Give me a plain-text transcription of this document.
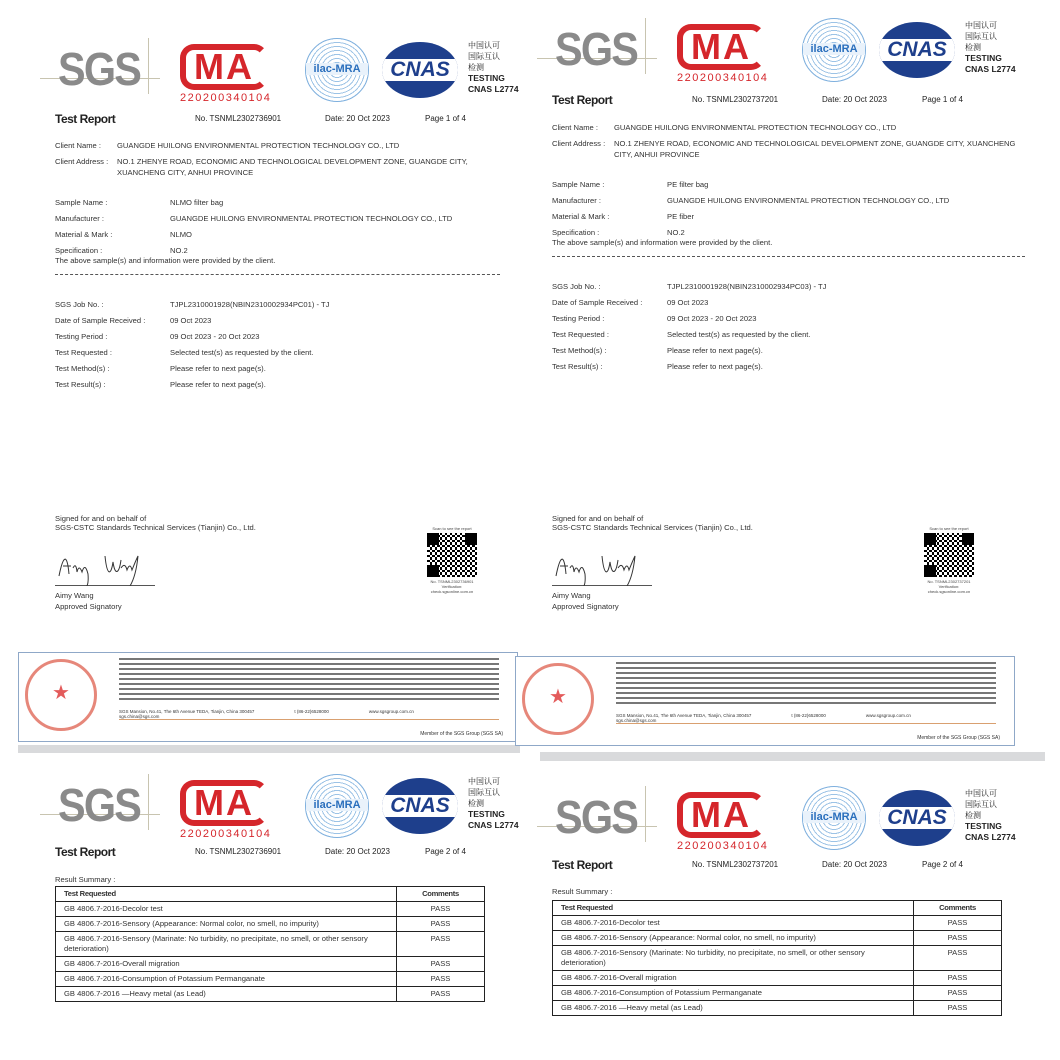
SGS	MA
220200340104
ilac-MRA	CNAS
中国认可
国际互认
检测
TESTING
CNAS L2774
Test Report	No. TSNML2302736901	Date: 20 Oct 2023	Page 1 of 4
Client Name :	GUANGDE HUILONG ENVIRONMENTAL PROTECTION TECHNOLOGY CO., LTD
Client Address :	NO.1 ZHENYE ROAD, ECONOMIC AND TECHNOLOGICAL DEVELOPMENT ZONE, GUANGDE CITY, XUANCHENG CITY, ANHUI PROVINCE
Sample Name :	NLMO filter bag
Manufacturer :	GUANGDE HUILONG ENVIRONMENTAL PROTECTION TECHNOLOGY CO., LTD
Material & Mark :	NLMO
Specification :	NO.2
The above sample(s) and information were provided by the client.
SGS Job No. :	TJPL2310001928(NBIN2310002934PC01) - TJ
Date of Sample Received :	09 Oct 2023
Testing Period :	09 Oct 2023 - 20 Oct 2023
Test Requested :	Selected test(s) as requested by the client.
Test Method(s) :	Please refer to next page(s).
Test Result(s) :	Please refer to next page(s).
Signed for and on behalf of
SGS-CSTC Standards Technical Services (Tianjin) Co., Ltd.
Aimy Wang
Approved Signatory
Scan to see the report
No. TSNML2302736901
Verification: check.sgsonline.com.cn
★
SGS Mansion, No.41, The 6th Avenue TEDA, Tianjin, China 300457	t (86-22)6528000	www.sgsgroup.com.cn
sgs.china@sgs.com
Member of the SGS Group (SGS SA)
SGS	MA
220200340104
ilac-MRA	CNAS
中国认可
国际互认
检测
TESTING
CNAS L2774
Test Report	No. TSNML2302737201	Date: 20 Oct 2023	Page 1 of 4
Client Name :	GUANGDE HUILONG ENVIRONMENTAL PROTECTION TECHNOLOGY CO., LTD
Client Address :	NO.1 ZHENYE ROAD, ECONOMIC AND TECHNOLOGICAL DEVELOPMENT ZONE, GUANGDE CITY, XUANCHENG CITY, ANHUI PROVINCE
Sample Name :	PE filter bag
Manufacturer :	GUANGDE HUILONG ENVIRONMENTAL PROTECTION TECHNOLOGY CO., LTD
Material & Mark :	PE fiber
Specification :	NO.2
The above sample(s) and information were provided by the client.
SGS Job No. :	TJPL2310001928(NBIN2310002934PC03) - TJ
Date of Sample Received :	09 Oct 2023
Testing Period :	09 Oct 2023 - 20 Oct 2023
Test Requested :	Selected test(s) as requested by the client.
Test Method(s) :	Please refer to next page(s).
Test Result(s) :	Please refer to next page(s).
Signed for and on behalf of
SGS-CSTC Standards Technical Services (Tianjin) Co., Ltd.
Aimy Wang
Approved Signatory
Scan to see the report
No. TSNML2302737201
Verification: check.sgsonline.com.cn
★
SGS Mansion, No.41, The 6th Avenue TEDA, Tianjin, China 300457	t (86-22)6528000	www.sgsgroup.com.cn
sgs.china@sgs.com
Member of the SGS Group (SGS SA)
SGS	MA
220200340104
ilac-MRA	CNAS
中国认可
国际互认
检测
TESTING
CNAS L2774
Test Report	No. TSNML2302736901	Date: 20 Oct 2023	Page 2 of 4
Result Summary :
Test Requested	Comments
GB 4806.7-2016-Decolor test	PASS
GB 4806.7-2016-Sensory (Appearance: Normal color, no smell, no impurity)	PASS
GB 4806.7-2016-Sensory (Marinate: No turbidity, no precipitate, no smell, or other sensory deterioration)	PASS
GB 4806.7-2016-Overall migration	PASS
GB 4806.7-2016-Consumption of Potassium Permanganate	PASS
GB 4806.7-2016 —Heavy metal (as Lead)	PASS
SGS	MA
220200340104
ilac-MRA	CNAS
中国认可
国际互认
检测
TESTING
CNAS L2774
Test Report	No. TSNML2302737201	Date: 20 Oct 2023	Page 2 of 4
Result Summary :
Test Requested	Comments
GB 4806.7-2016-Decolor test	PASS
GB 4806.7-2016-Sensory (Appearance: Normal color, no smell, no impurity)	PASS
GB 4806.7-2016-Sensory (Marinate: No turbidity, no precipitate, no smell, or other sensory deterioration)	PASS
GB 4806.7-2016-Overall migration	PASS
GB 4806.7-2016-Consumption of Potassium Permanganate	PASS
GB 4806.7-2016 —Heavy metal (as Lead)	PASS
